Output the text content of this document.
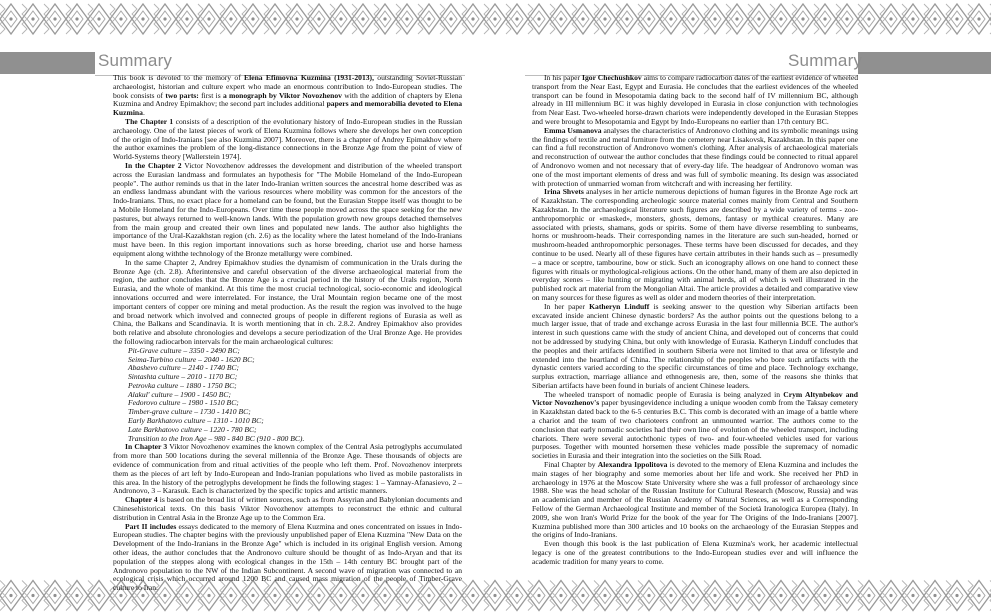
Summary	Summary

This book is devoted to the memory of Elena Efimovna Kuzmina (1931-2013), outstanding Soviet-Russian archaeologist, historian and culture expert who made an enormous contribution to Indo-European studies. The book consists of two parts: first is a monograph by Viktor Novozhenov with the addition of chapters by Elena Kuzmina and Andrey Epimakhov; the second part includes additional papers and memorabilia devoted to Elena Kuzmina.

The Chapter 1 consists of a description of the evolutionary history of Indo-European studies in the Russian archaeology. One of the latest pieces of work of Elena Kuzmina follows where she develops her own conception of the origin of Indo-Iranians [see also Kuzmina 2007]. Moreover, there is a chapter of Andrey Epimakhov where the author examines the problem of the long-distance connections in the Bronze Age from the point of view of World-Systems theory [Wallerstein 1974].

In the Chapter 2 Victor Novozhenov addresses the development and distribution of the wheeled transport across the Eurasian landmass and formulates an hypothesis for "The Mobile Homeland of the Indo-European people". The author reminds us that in the later Indo-Iranian written sources the ancestral home described was as an endless landmass abundant with the various resources where mobility was common for the ancestors of the Indo-Iranians. Thus, no exact place for a homeland can be found, but the Eurasian Steppe itself was thought to be a Mobile Homeland for the Indo-Europeans. Over time these people moved across the space seeking for the new pastures, but always returned to well-known lands. With the population growth new groups detached themselves from the main group and created their own lines and populated new lands. The author also highlights the importance of the Ural-Kazakhstan region (ch. 2.6) as the locality where the latest homeland of the Indo-Iranians must have been. In this region important innovations such as horse breeding, chariot use and horse harness equipment along withthe technology of the Bronze metallurgy were combined.

In the same Chapter 2, Andrey Epimakhov studies the dynamism of communication in the Urals during the Bronze Age (ch. 2.8). Afterintensive and careful observation of the diverse archaeological material from the region, the author concludes that the Bronze Age is a crucial period in the history of the Urals region, North Eurasia, and the whole of mankind. At this time the most crucial technological, socio-economic and ideological innovations occurred and were interrelated. For instance, the Ural Mountain region became one of the most important centers of copper ore mining and metal production. As the result the region was involved to the huge and broad network which involved and connected groups of people in different regions of Eurasia as well as China, the Balkans and Scandinavia. It is worth mentioning that in ch. 2.8.2. Andrey Epimakhov also provides both relative and absolute chronologies and develops a secure periodization of the Ural Bronze Age. He provides the following radiocarbon intervals for the main archaeological cultures:

Pit-Grave culture – 3350 - 2490 BC;
Seima-Turbino culture – 2040 - 1620 BC;
Abashevo culture – 2140 - 1740 BC;
Sintashta culture – 2010 - 1170 BC;
Petrovka culture – 1880 - 1750 BC;
Alakul' culture – 1900 - 1450 BC;
Fedorovo culture – 1980 - 1510 BC;
Timber-grave culture – 1730 - 1410 BC;
Early Barkhatovo culture – 1310 - 1010 BC;
Late Barkhatovo culture – 1220 - 780 BC;
Transition to the Iron Age – 980 - 840 BC (910 - 800 BC).

In Chapter 3 Viktor Novozhenov examines the known complex of the Central Asia petroglyphs accumulated from more than 500 locations during the several millennia of the Bronze Age. These thousands of objects are evidence of communication from and ritual activities of the people who left them. Prof. Novozhenov interprets them as the pieces of art left by Indo-European and Indo-Iranian populations who lived as mobile pastoralists in this area. In the history of the petroglyphs development he finds the following stages: 1 – Yamnay-Afanasievo, 2 – Andronovo, 3 – Karasuk. Each is characterized by the specific topics and artistic manners.

Chapter 4 is based on the broad list of written sources, such as from Assyrian and Babylonian documents and Chinesehistorical texts. On this basis Viktor Novozhenov attempts to reconstruct the ethnic and cultural distribution in Central Asia in the Bronze Age up to the Common Era.

Part II includes essays dedicated to the memory of Elena Kuzmina and ones concentrated on issues in Indo-European studies. The chapter begins with the previously unpublished paper of Elena Kuzmina "New Data on the Development of the Indo-Iranians in the Bronze Age" which is included in its original English version. Among other ideas, the author concludes that the Andronovo culture should be thought of as Indo-Aryan and that its population of the steppes along with ecological changes in the 15th – 14th century BC brought part of the Andronovo population to the NW of the Indian Subcontinent. A second wave of migration was connected to an ecological crisis which occurred around 1200 BC and caused mass migration of the people of Timber-Grave culture to Iran.

In his paper Igor Chechushkov aims to compare radiocarbon dates of the earliest evidence of wheeled transport from the Near East, Egypt and Eurasia. He concludes that the earliest evidences of the wheeled transport can be found in Mesopotamia dating back to the second half of IV millennium BC, although already in III millennium BC it was highly developed in Eurasia in close conjunction with technologies from Near East. Two-wheeled horse-drawn chariots were independently developed in the Eurasian Steppes and were brought to Mesopotamia and Egypt by Indo-Europeans no earlier than 17th century BC.

Emma Usmanova analyses the characteristics of Andronovo clothing and its symbolic meanings using the findings of textile and metal furniture from the cemetery near Lisakovsk, Kazakhstan. In this paper one can find a full reconstruction of Andronovo women's clothing. After analysis of archaeological materials and reconstruction of outwear the author concludes that these findings could be connected to ritual apparel of Andronovo women and not necessary that of every-day life. The headgear of Andronovo woman was one of the most important elements of dress and was full of symbolic meaning. Its design was associated with protection of unmarried woman from witchcraft and with increasing her fertility.

Irina Shvets analyses in her article numerous depictions of human figures in the Bronze Age rock art of Kazakhstan. The corresponding archeologic source material comes mainly from Central and Southern Kazakhstan. In the archaeological literature such figures are described by a wide variety of terms - zoo-anthropomorphic or «masked», monsters, ghosts, demons, fantasy or mythical creatures. Many are associated with priests, shamans, gods or spirits. Some of them have diverse resembling to sunbeams, horns or mushroom-heads. Their corresponding names in the literature are such sun-headed, horned or mushroom-headed anthropomorphic personages. These terms have been discussed for decades, and they continue to be used. Nearly all of these figures have certain attributes in their hands such as – presumedly – a mace or sceptre, tambourine, bow or stick. Such an iconography allows on one hand to connect these figures with rituals or mythological-religious actions. On the other hand, many of them are also depicted in everyday scenes – like hunting or migrating with animal herds, all of which is well illustrated in the published rock art material from the Mongolian Altai. The article provides a detailed and comparative view on many sources for these figures as well as older and modern theories of their interpretation.

In her paper Katheryn Linduff is seeking answer to the question why Siberian artifacts been excavated inside ancient Chinese dynastic borders? As the author points out the questions belong to a much larger issue, that of trade and exchange across Eurasia in the last four millennia BCE. The author's interest in such questions came with the study of ancient China, and developed out of concerns that could not be addressed by studying China, but only with knowledge of Eurasia. Katheryn Linduff concludes that the peoples and their artifacts identified in southern Siberia were not limited to that area or lifestyle and extended into the heartland of China. The relationship of the peoples who bore such artifacts with the dynastic centers varied according to the specific circumstances of time and place. Technology exchange, surplus extraction, marriage alliance and ethnogenesis are, then, some of the reasons she thinks that Siberian artifacts have been found in burials of ancient Chinese leaders.

The wheeled transport of nomadic people of Eurasia is being analyzed in Crym Altynbekov and Victor Novozhenov's paper byusingevidence including a unique wooden comb from the Taksay cemetery in Kazakhstan dated back to the 6-5 centuries B.C. This comb is decorated with an image of a battle where a chariot and the team of two charioteers confront an unmounted warrior. The authors come to the conclusion that early nomadic societies had their own line of evolution of the wheeled transport, including chariots. There were several autochthonic types of two- and four-wheeled vehicles used for various purposes. Together with mounted horsemen these vehicles made possible the supremacy of nomadic societies in Eurasia and their integration into the societies on the Silk Road.

Final Chapter by Alexandra Ippolitova is devoted to the memory of Elena Kuzmina and includes the main stages of her biography and some memories about her life and work. She received her PhD in archaeology in 1976 at the Moscow State University where she was a full professor of archaeology since 1988. She was the head scholar of the Russian Institute for Cultural Research (Moscow, Russia) and was an academician and member of the Russian Academy of Natural Sciences, as well as a Corresponding Fellow of the German Archaeological Institute and member of the Società Iranologica Europea (Italy). In 2009, she won Iran's World Prize for the book of the year for The Origins of the Indo-Iranians [2007]. Kuzmina published more than 300 articles and 10 books on the archaeology of the Eurasian Steppes and the origins of Indo-Iranians.

Even though this book is the last publication of Elena Kuzmina's work, her academic intellectual legacy is one of the greatest contributions to the Indo-European studies ever and will influence the academic tradition for many years to come.
